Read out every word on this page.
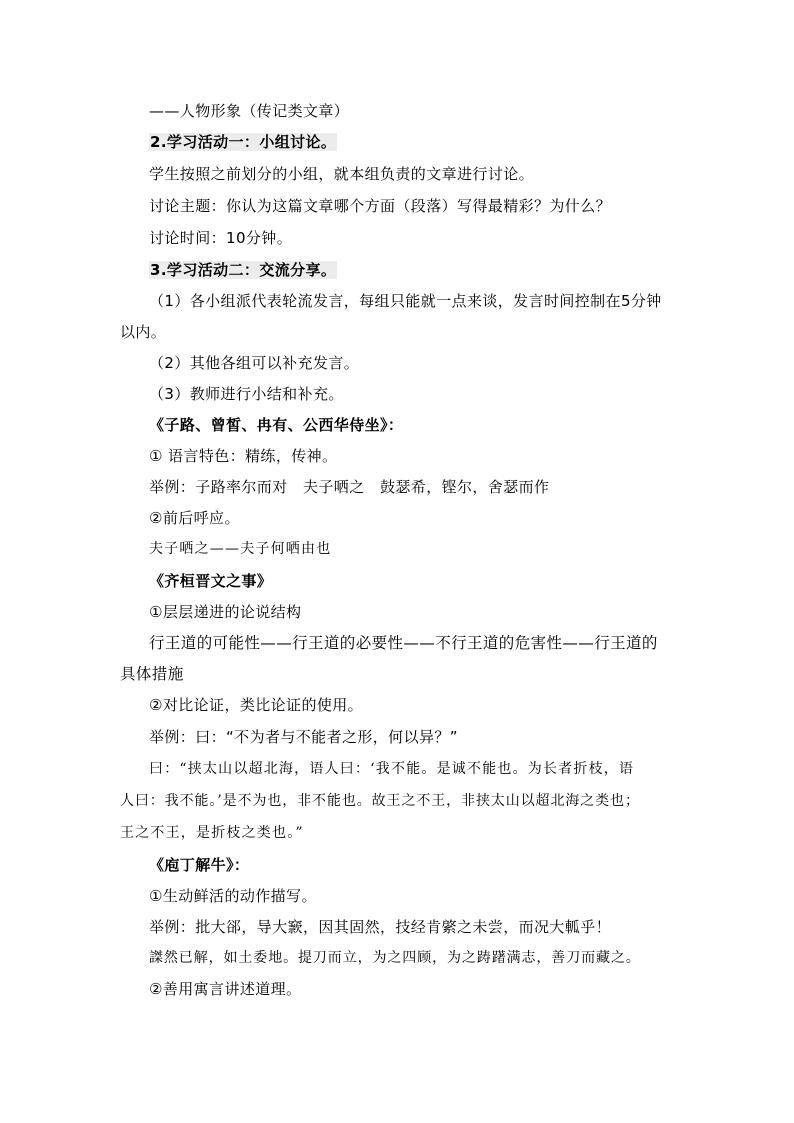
——人物形象（传记类文章）
2.学习活动一：小组讨论。
学生按照之前划分的小组，就本组负责的文章进行讨论。
讨论主题：你认为这篇文章哪个方面（段落）写得最精彩？为什么？
讨论时间：10分钟。
3.学习活动二：交流分享。
（1）各小组派代表轮流发言，每组只能就一点来谈，发言时间控制在5分钟
以内。
（2）其他各组可以补充发言。
（3）教师进行小结和补充。
《子路、曾皙、冉有、公西华侍坐》：
① 语言特色：精练，传神。
举例：子路率尔而对　夫子哂之　鼓瑟希，铿尔，舍瑟而作
②前后呼应。
夫子哂之——夫子何哂由也
《齐桓晋文之事》
①层层递进的论说结构
行王道的可能性——行王道的必要性——不行王道的危害性——行王道的
具体措施
②对比论证，类比论证的使用。
举例：曰：“不为者与不能者之形，何以异？”
曰：“挟太山以超北海，语人曰：‘我不能。是诚不能也。为长者折枝，语
人曰：我不能。’是不为也，非不能也。故王之不王，非挟太山以超北海之类也；
王之不王，是折枝之类也。”
《庖丁解牛》：
①生动鲜活的动作描写。
举例：批大郤，导大窾，因其固然，技经肯綮之未尝，而况大軱乎！
謋然已解，如土委地。提刀而立，为之四顾，为之踌躇满志，善刀而藏之。
②善用寓言讲述道理。
